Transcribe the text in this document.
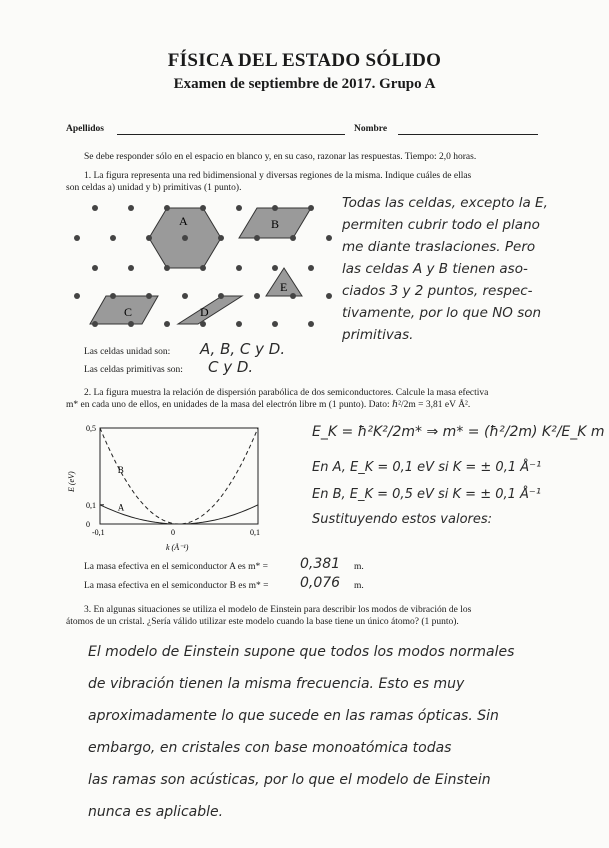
FÍSICA DEL ESTADO SÓLIDO
Examen de septiembre de 2017. Grupo A
Apellidos	Nombre
Se debe responder sólo en el espacio en blanco y, en su caso, razonar las respuestas. Tiempo: 2,0 horas.
1. La figura representa una red bidimensional y diversas regiones de la misma. Indique cuáles de ellas
son celdas a) unidad y b) primitivas (1 punto).
A	B
C	D
E
Todas las celdas, excepto la E,
permiten cubrir todo el plano
me diante traslaciones. Pero
las celdas A y B tienen aso-
ciados 3 y 2 puntos, respec-
tivamente, por lo que NO son
primitivas.
Las celdas unidad son: A, B, C y D.
Las celdas primitivas son: C y D.
2. La figura muestra la relación de dispersión parabólica de dos semiconductores. Calcule la masa efectiva
m* en cada uno de ellos, en unidades de la masa del electrón libre m (1 punto). Dato: ℏ²/2m = 3,81 eV Å².
E (eV)
k (Å⁻¹)
-0,1	0	0,1
0,5
0,1
0
A
B
E_K = ħ²K²/2m* ⇒ m* = (ħ²/2m) K²/E_K m
En A, E_K = 0,1 eV si K = ± 0,1 Å⁻¹
En B, E_K = 0,5 eV si K = ± 0,1 Å⁻¹
Sustituyendo estos valores:
La masa efectiva en el semiconductor A es m* = 0,381 m.
La masa efectiva en el semiconductor B es m* = 0,076 m.
3. En algunas situaciones se utiliza el modelo de Einstein para describir los modos de vibración de los
átomos de un cristal. ¿Sería válido utilizar este modelo cuando la base tiene un único átomo? (1 punto).
El modelo de Einstein supone que todos los modos normales
de vibración tienen la misma frecuencia. Esto es muy
aproximadamente lo que sucede en las ramas ópticas. Sin
embargo, en cristales con base monoatómica todas
las ramas son acústicas, por lo que el modelo de Einstein
nunca es aplicable.
